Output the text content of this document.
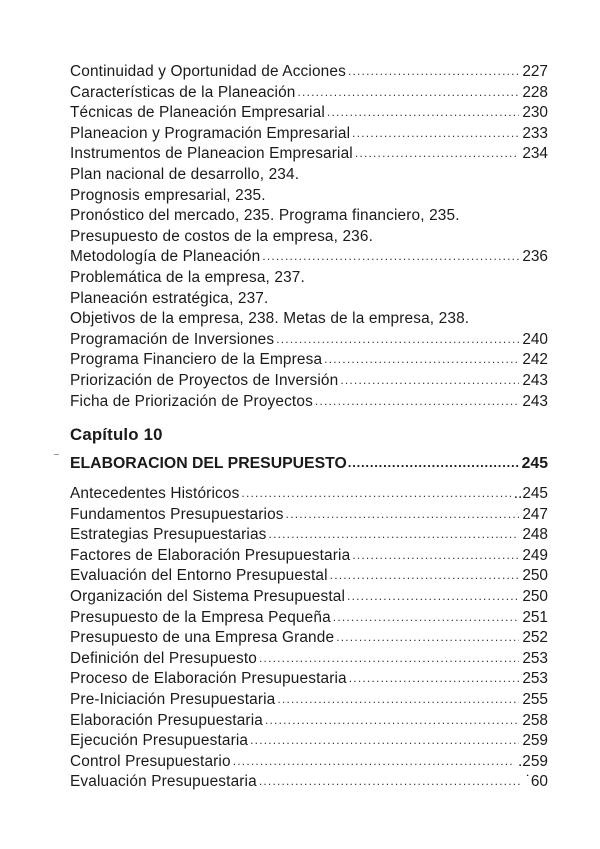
Continuidad y Oportunidad de Acciones .....	227
Características de la Planeación .....	228
Técnicas de Planeación Empresarial .....	230
Planeacion y Programación Empresarial .....	233
Instrumentos de Planeacion Empresarial .....	234
Plan nacional de desarrollo, 234.
Prognosis empresarial, 235.
Pronóstico del mercado, 235. Programa financiero, 235.
Presupuesto de costos de la empresa, 236.
Metodología de Planeación .....	236
Problemática de la empresa, 237.
Planeación estratégica, 237.
Objetivos de la empresa, 238. Metas de la empresa, 238.
Programación de Inversiones .....	240
Programa Financiero de la Empresa .....	242
Priorización de Proyectos de Inversión .....	243
Ficha de Priorización de Proyectos .....	243
Capítulo 10
ELABORACION DEL PRESUPUESTO .....	245
Antecedentes Históricos .....	..245
Fundamentos Presupuestarios .....	247
Estrategias Presupuestarias .....	248
Factores de Elaboración Presupuestaria .....	249
Evaluación del Entorno Presupuestal .....	250
Organización del Sistema Presupuestal .....	250
Presupuesto de la Empresa Pequeña .....	251
Presupuesto de una Empresa Grande .....	252
Definición del Presupuesto .....	253
Proceso de Elaboración Presupuestaria .....	253
Pre-Iniciación Presupuestaria .....	255
Elaboración Presupuestaria .....	258
Ejecución Presupuestaria .....	259
Control Presupuestario .....	.259
Evaluación Presupuestaria .....	˙60
